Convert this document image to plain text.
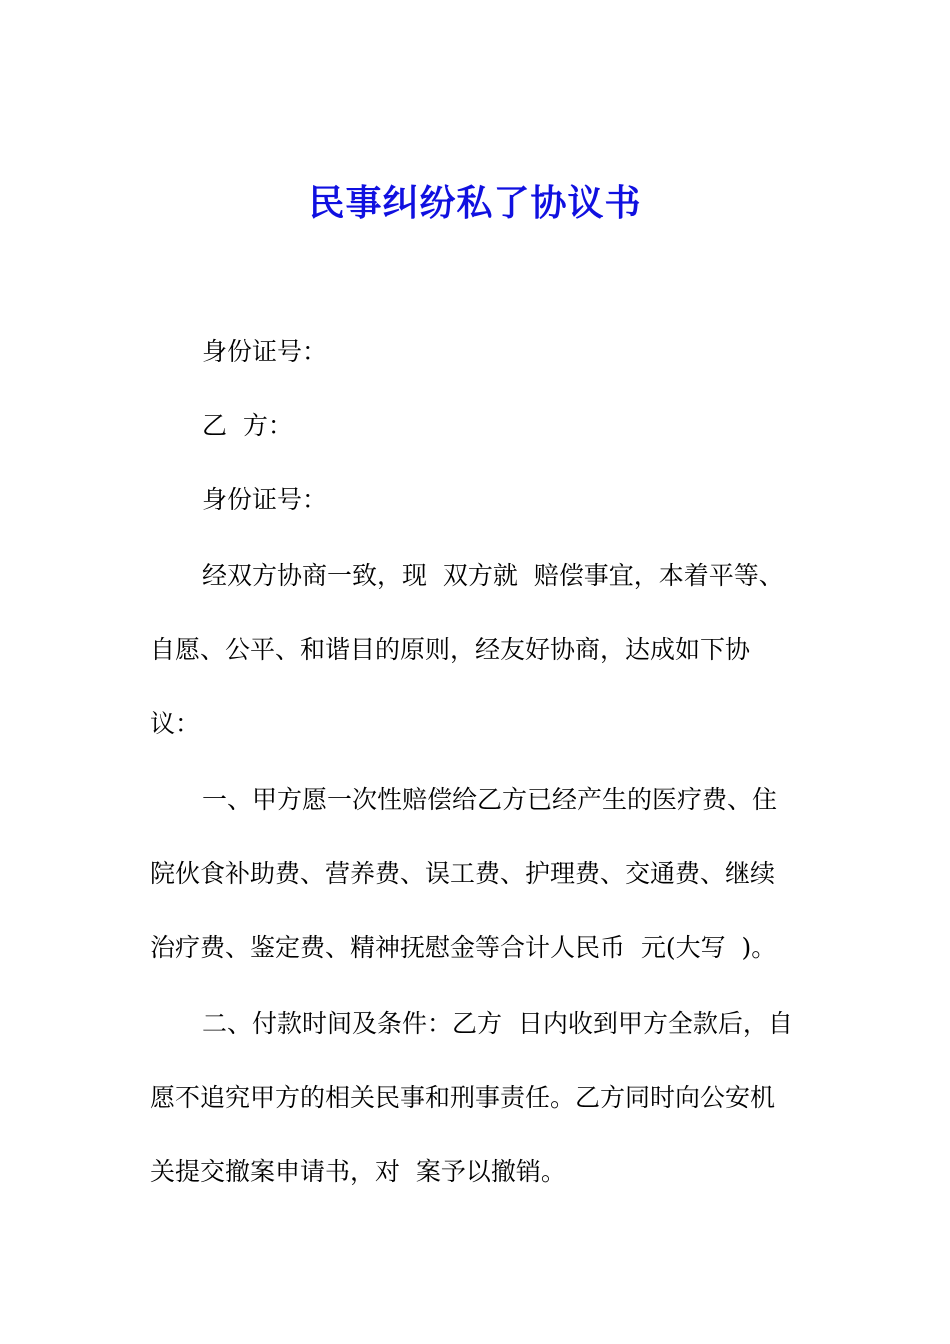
民事纠纷私了协议书
身份证号：
乙  方：
身份证号：
经双方协商一致，现  双方就  赔偿事宜，本着平等、
自愿、公平、和谐目的原则，经友好协商，达成如下协
议：
一、甲方愿一次性赔偿给乙方已经产生的医疗费、住
院伙食补助费、营养费、误工费、护理费、交通费、继续
治疗费、鉴定费、精神抚慰金等合计人民币  元(大写  )。
二、付款时间及条件：乙方  日内收到甲方全款后，自
愿不追究甲方的相关民事和刑事责任。乙方同时向公安机
关提交撤案申请书，对  案予以撤销。
